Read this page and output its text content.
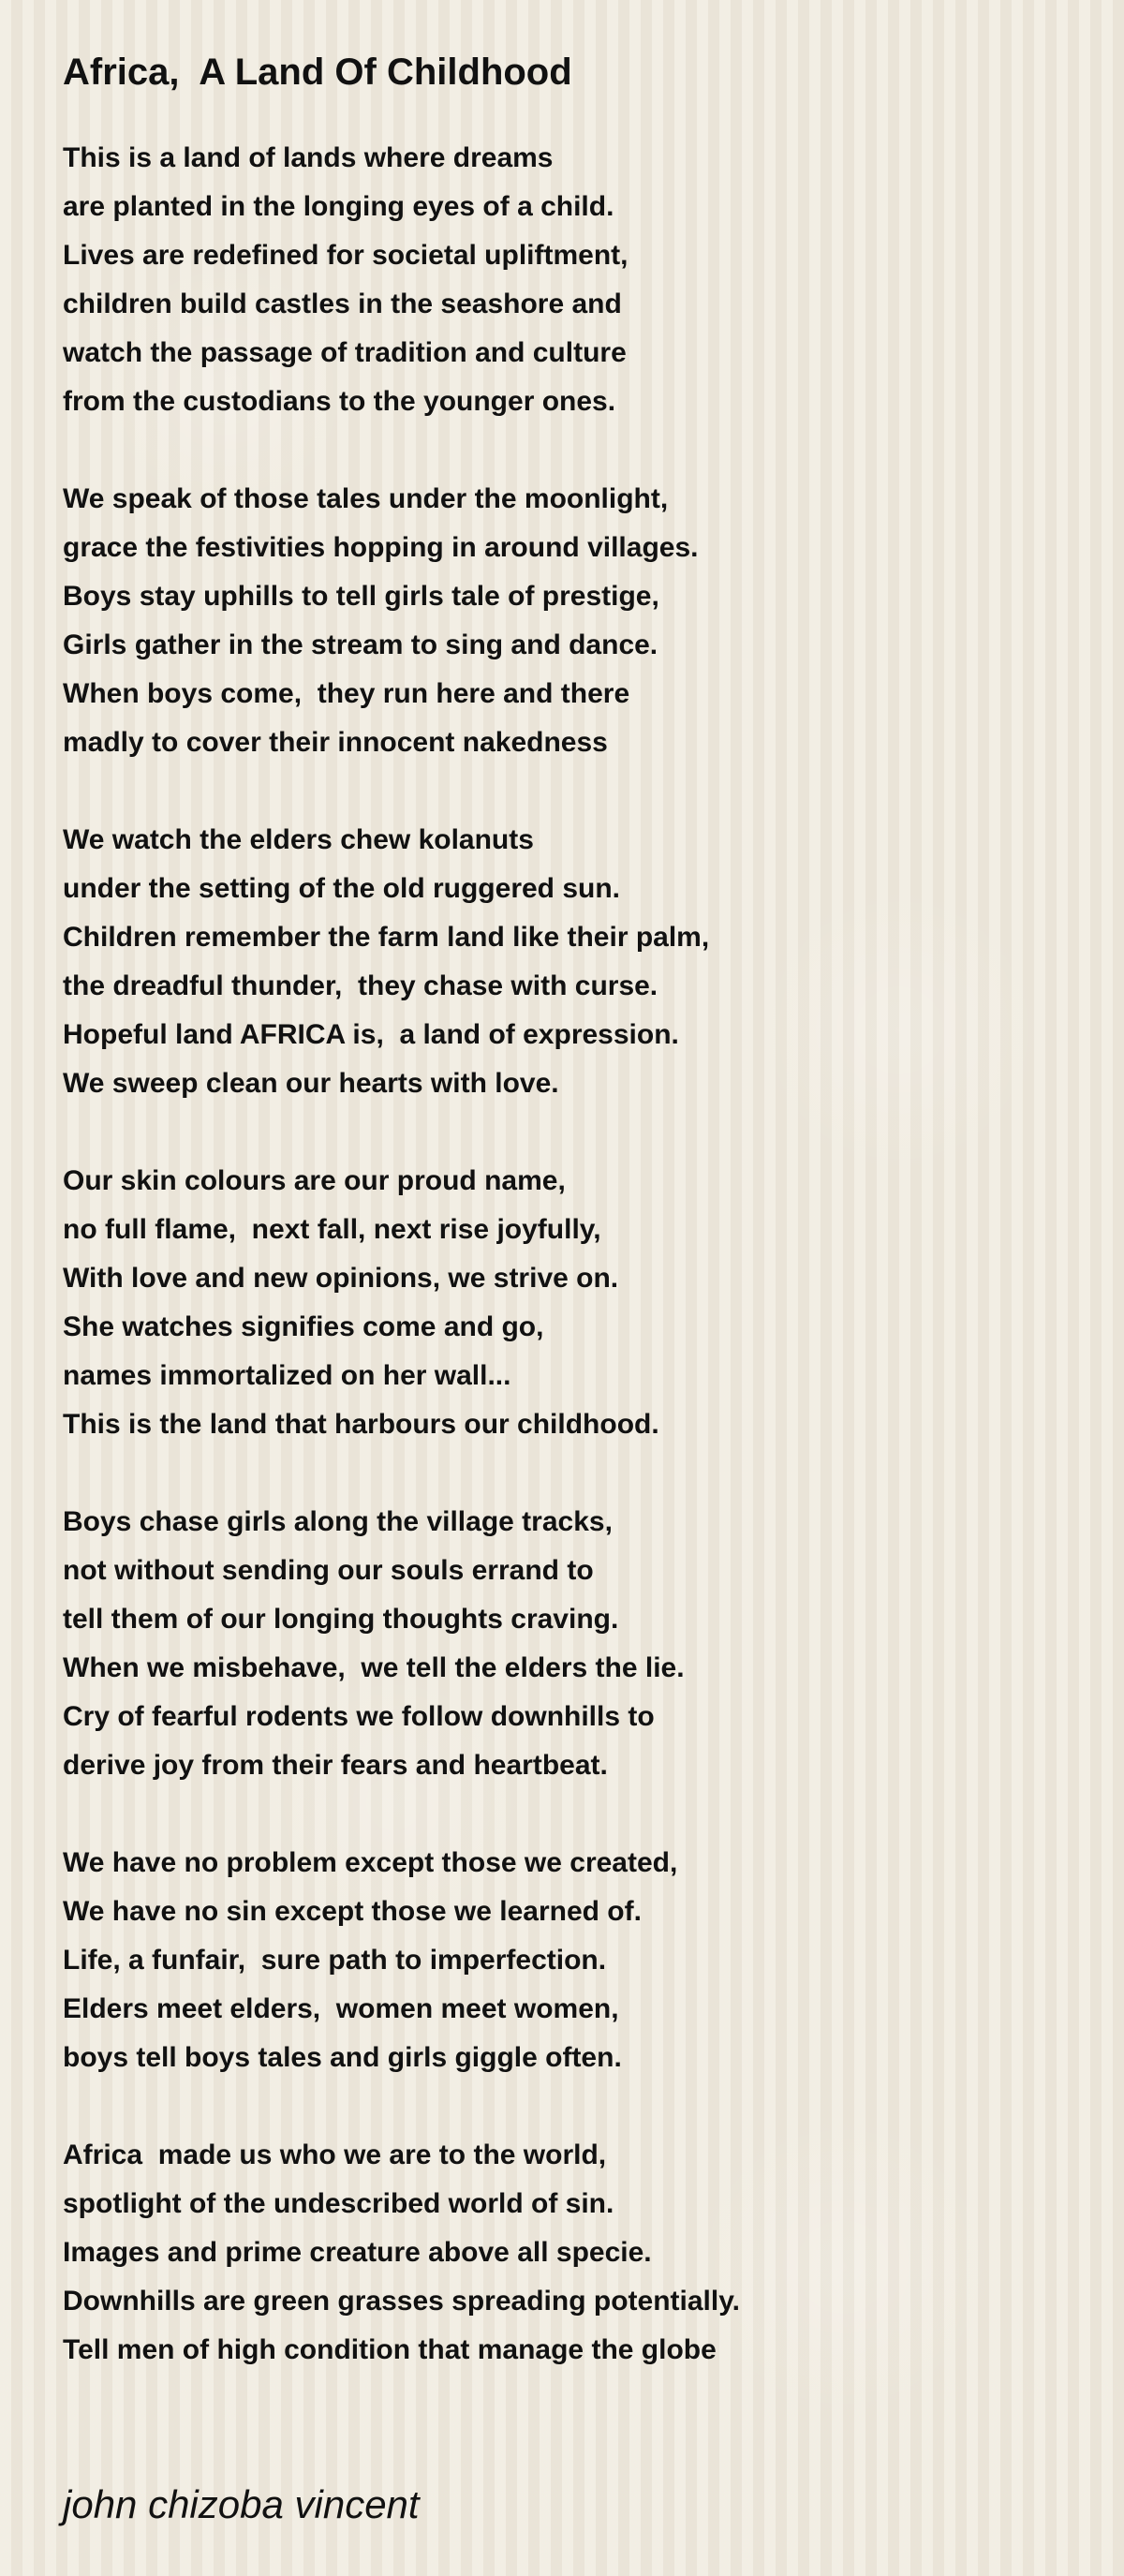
Africa,  A Land Of Childhood
This is a land of lands where dreams
are planted in the longing eyes of a child.
Lives are redefined for societal upliftment,
children build castles in the seashore and
watch the passage of tradition and culture
from the custodians to the younger ones.
We speak of those tales under the moonlight,
grace the festivities hopping in around villages.
Boys stay uphills to tell girls tale of prestige,
Girls gather in the stream to sing and dance.
When boys come,  they run here and there
madly to cover their innocent nakedness
We watch the elders chew kolanuts
under the setting of the old ruggered sun.
Children remember the farm land like their palm,
the dreadful thunder,  they chase with curse.
Hopeful land AFRICA is,  a land of expression.
We sweep clean our hearts with love.
Our skin colours are our proud name,
no full flame,  next fall, next rise joyfully,
With love and new opinions, we strive on.
She watches signifies come and go,
names immortalized on her wall...
This is the land that harbours our childhood.
Boys chase girls along the village tracks,
not without sending our souls errand to
tell them of our longing thoughts craving.
When we misbehave,  we tell the elders the lie.
Cry of fearful rodents we follow downhills to
derive joy from their fears and heartbeat.
We have no problem except those we created,
We have no sin except those we learned of.
Life, a funfair,  sure path to imperfection.
Elders meet elders,  women meet women,
boys tell boys tales and girls giggle often.
Africa  made us who we are to the world,
spotlight of the undescribed world of sin.
Images and prime creature above all specie.
Downhills are green grasses spreading potentially.
Tell men of high condition that manage the globe
john chizoba vincent
